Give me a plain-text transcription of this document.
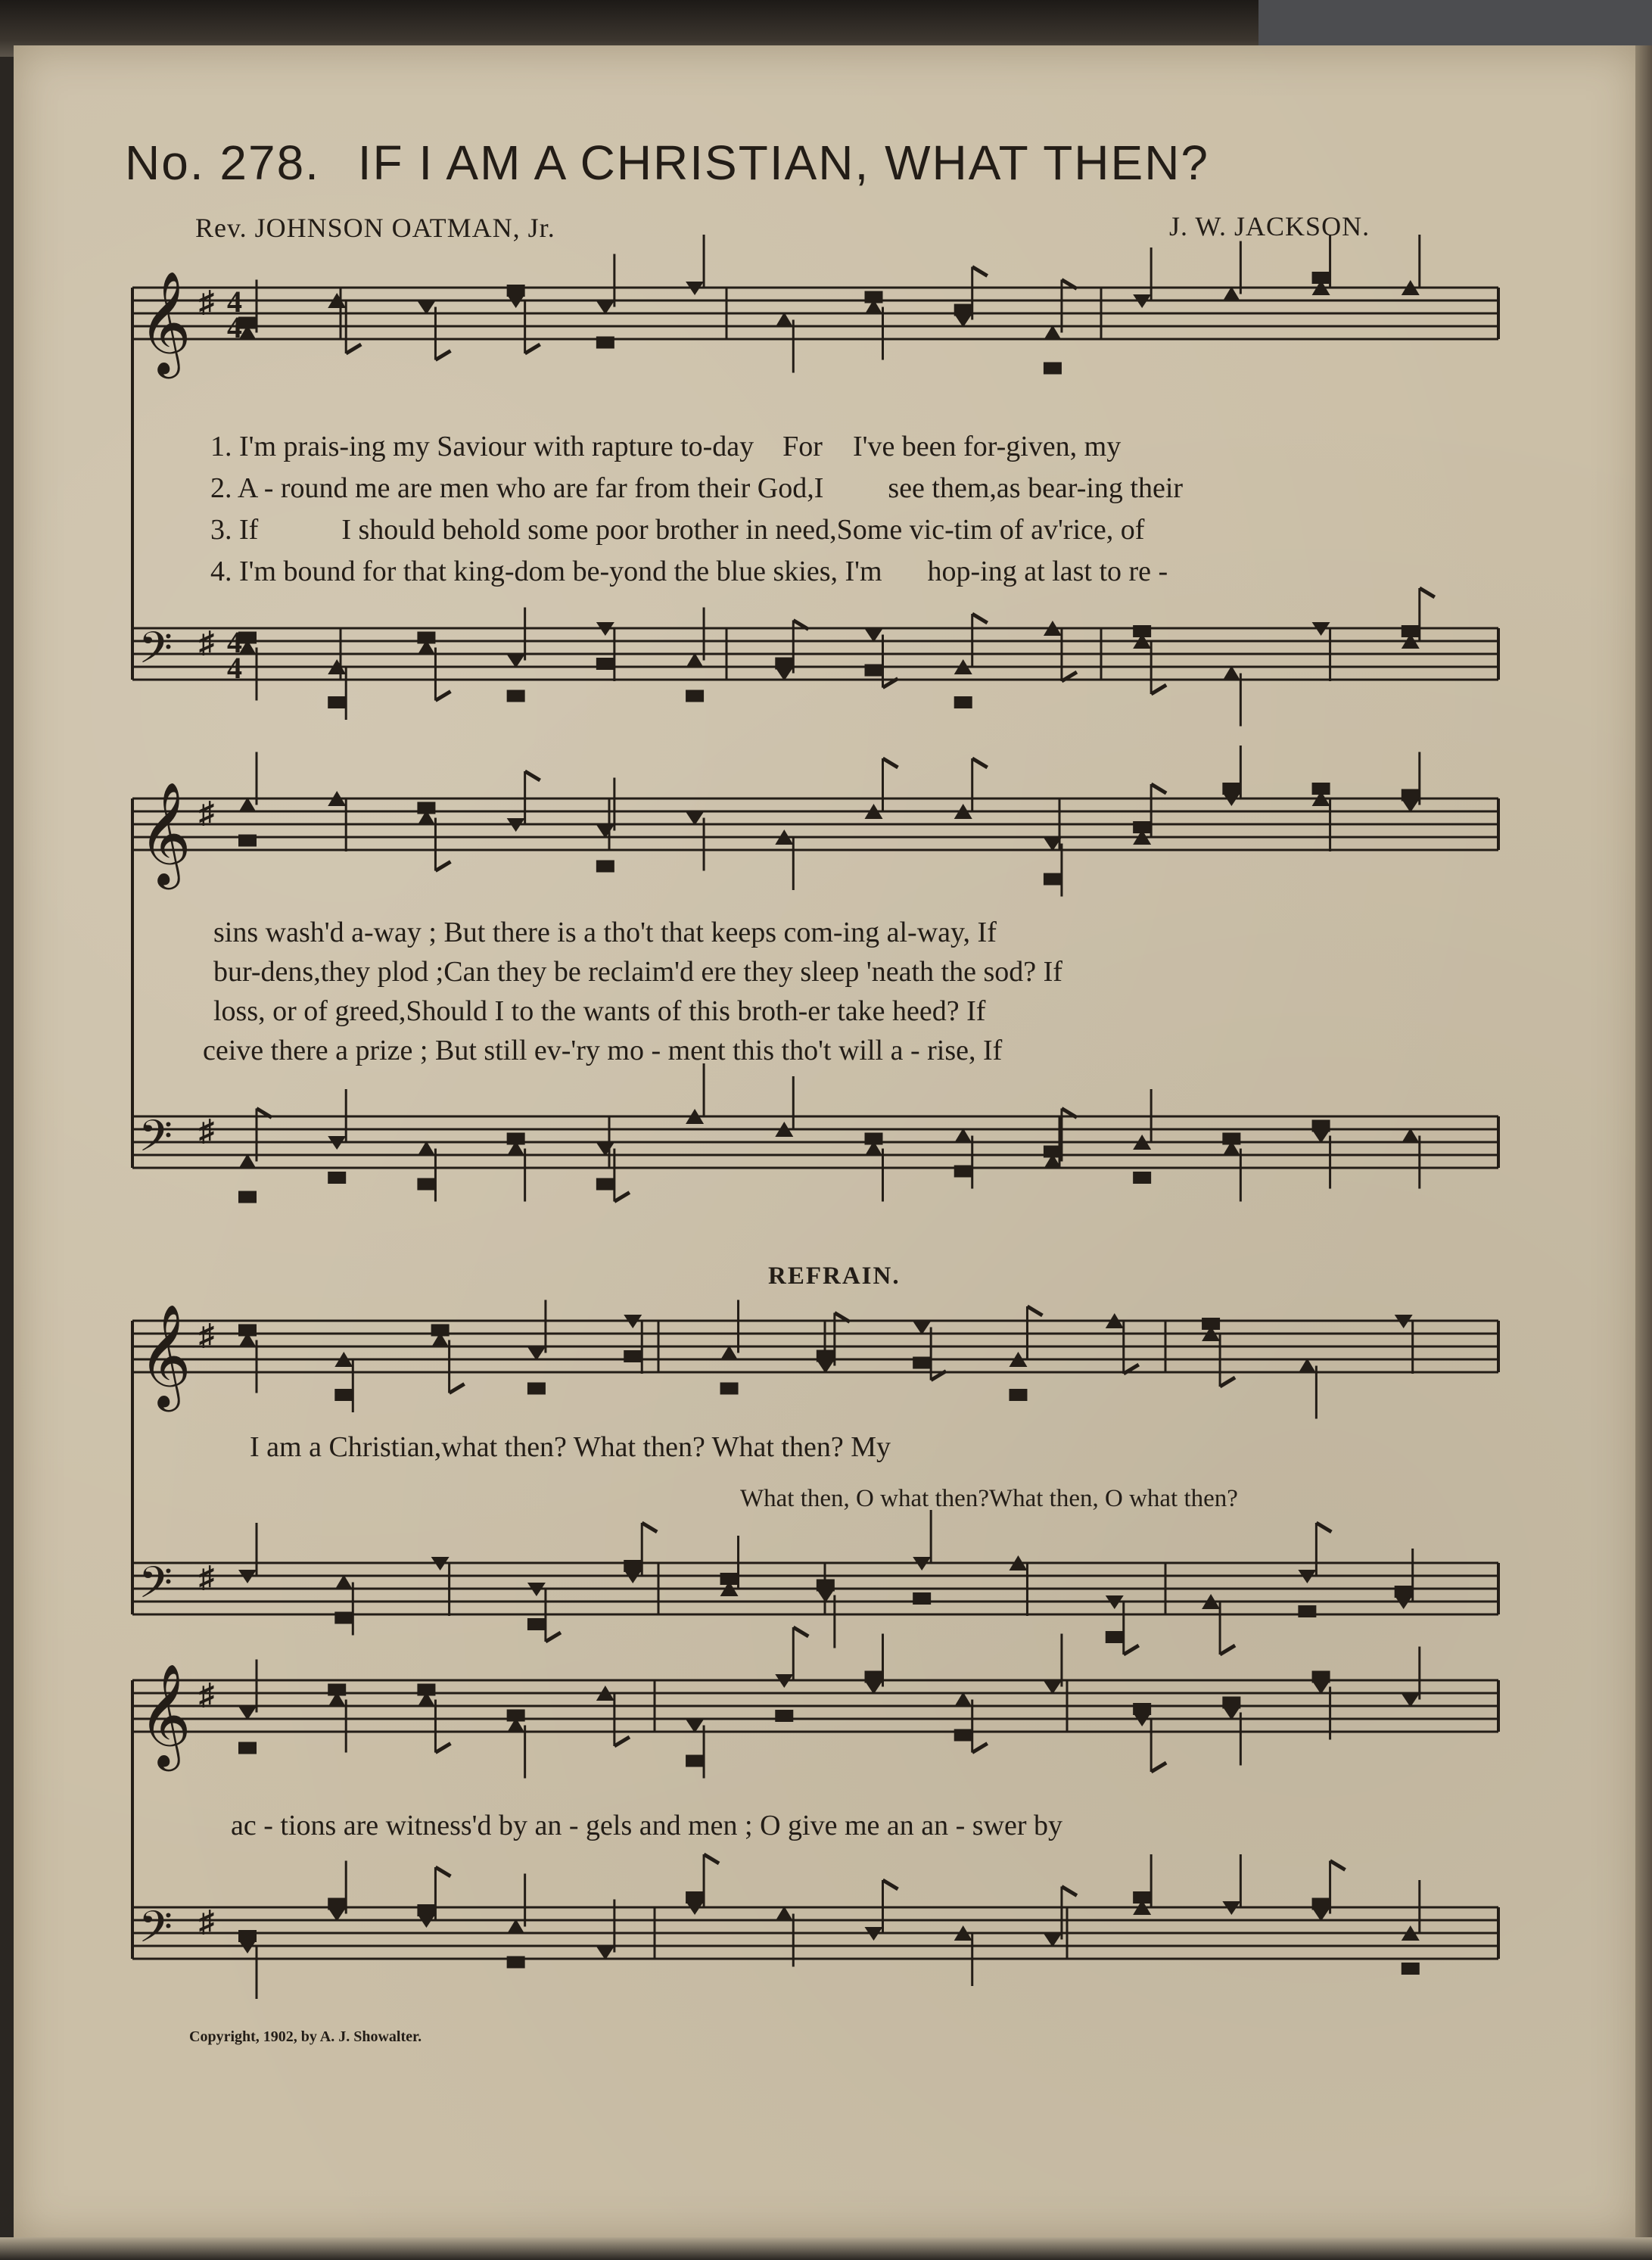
𝄞 ♯
𝄢 ♯
𝄞 ♯
𝄢 ♯
𝄞 ♯
𝄢 ♯
𝄞 ♯
𝄢 ♯
4
4
4
4
No. 278. IF I AM A CHRISTIAN, WHAT THEN?
Rev. JOHNSON OATMAN, Jr.	J. W. JACKSON.
1. I'm prais-ing my Saviour with rapture to-day For I've been for-given, my
2. A - round me are men who are far from their God,I see them,as bear-ing their
3. If	I should behold some poor brother in need,Some vic-tim of av'rice, of
4. I'm bound for that king-dom be-yond the blue skies, I'm hop-ing at last to re -
sins wash'd a-way ; But there is a tho't that keeps com-ing al-way, If
bur-dens,they plod ;Can they be reclaim'd ere they sleep 'neath the sod? If
loss, or of greed,Should I to the wants of this broth-er take heed? If
ceive there a prize ; But still ev-'ry mo - ment this tho't will a - rise, If
REFRAIN.
I am a Christian,what then? What then? What then? My
What then, O what then?What then, O what then?
ac - tions are witness'd by an - gels and men ; O give me an an - swer by
Copyright, 1902, by A. J. Showalter.
